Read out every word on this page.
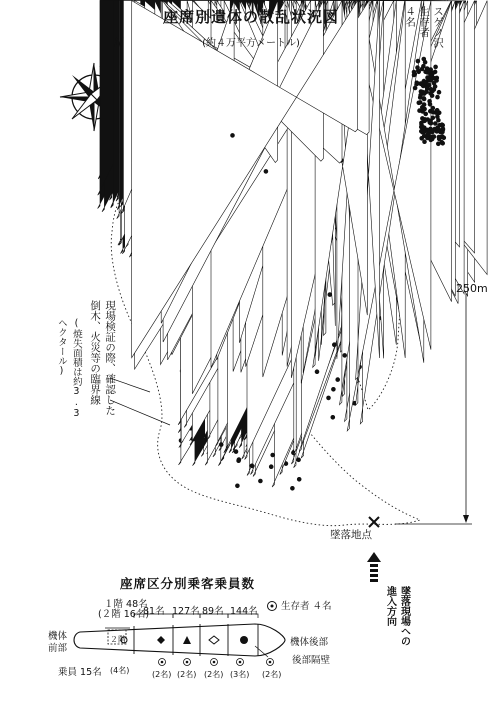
座席別遺体の散乱状況図
(約４万平方メートル)
N
４名 生存者 スゲノ沢
250m
(焼失面積は約3.3
ヘクタール)	現場検証の際、確認した
倒木、火災等の臨界線
墜落地点
墜落現場への
進入方向
座席区分別乗客乗員数
１階 48名
(２階 16名)
81名 127名 89名 144名 生存者 ４名
２階
機体
前部
機体後部
後部隔壁
乗員 15名 (4名)	(2名) (2名) (2名) (3名) (2名)
